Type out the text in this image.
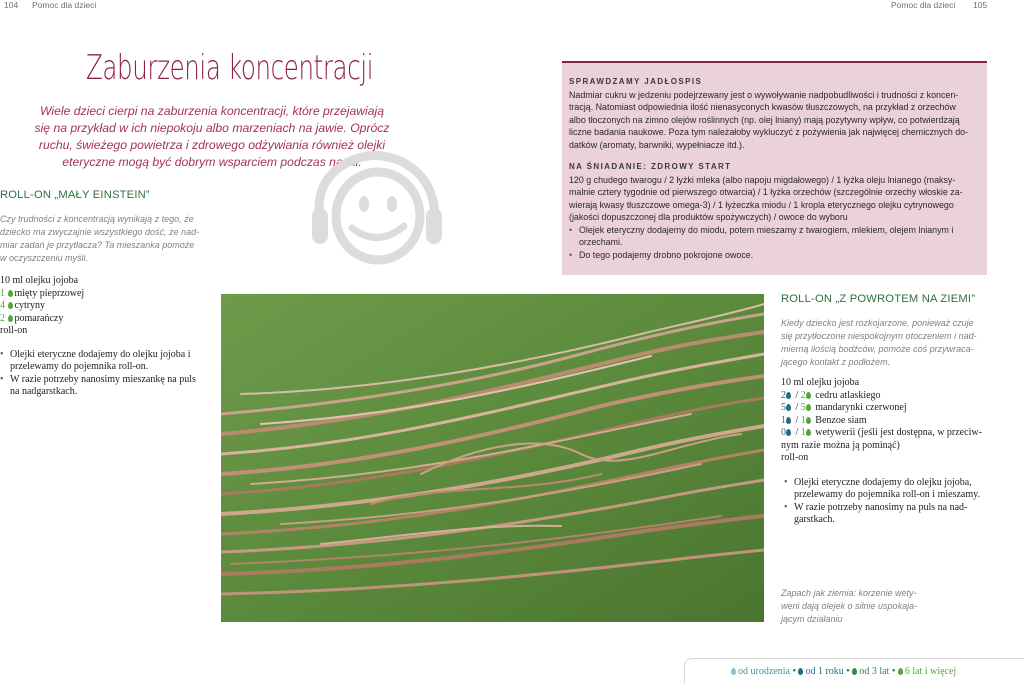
104 Pomoc dla dzieci	Pomoc dla dzieci 105
Zaburzenia koncentracji
Wiele dzieci cierpi na zaburzenia koncentracji, które przejawiają się na przykład w ich niepokoju albo marzeniach na jawie. Oprócz ruchu, świeżego powietrza i zdrowego odżywiania również olejki eteryczne mogą być dobrym wsparciem podczas nauki.
ROLL-ON „MAŁY EINSTEIN”
Czy trudności z koncentracją wynikają z tego, że
dziecko ma zwyczajnie wszystkiego dość, że nad-
miar zadań je przytłacza? Ta mieszanka pomoże
w oczyszczeniu myśli.
10 ml olejku jojoba
1 mięty pieprzowej
4 cytryny
2 pomarańczy
roll-on
• Olejki eteryczne dodajemy do olejku jojoba i przelewamy do pojemnika roll-on.
• W razie potrzeby nanosimy mieszankę na puls na nadgarstkach.
SPRAWDZAMY JADŁOSPIS
Nadmiar cukru w jedzeniu podejrzewany jest o wywoływanie nadpobudliwości i trudności z koncen-
tracją. Natomiast odpowiednia ilość nienasyconych kwasów tłuszczowych, na przykład z orzechów
albo tłoczonych na zimno olejów roślinnych (np. olej lniany) mają pozytywny wpływ, co potwierdzają
liczne badania naukowe. Poza tym należałoby wykluczyć z pożywienia jak najwięcej chemicznych do-
datków (aromaty, barwniki, wypełniacze itd.).
NA ŚNIADANIE: ZDROWY START
120 g chudego twarogu / 2 łyżki mleka (albo napoju migdałowego) / 1 łyżka oleju lnianego (maksy-
malnie cztery tygodnie od pierwszego otwarcia) / 1 łyżka orzechów (szczególnie orzechy włoskie za-
wierają kwasy tłuszczowe omega-3) / 1 łyżeczka miodu / 1 kropla eterycznego olejku cytrynowego
(jakości dopuszczonej dla produktów spożywczych) / owoce do wyboru
• Olejek eteryczny dodajemy do miodu, potem mieszamy z twarogiem, mlekiem, olejem lnianym i orzechami.
• Do tego podajemy drobno pokrojone owoce.
ROLL-ON „Z POWROTEM NA ZIEMI”
Kiedy dziecko jest rozkojarzone, ponieważ czuje
się przytłoczone niespokojnym otoczeniem i nad-
mierną ilością bodźców, pomoże coś przywraca-
jącego kontakt z podłożem.
10 ml olejku jojoba
2 / 2 cedru atlaskiego
5 / 5 mandarynki czerwonej
1 / 1 Benzoe siam
0 / 1 wetywerii (jeśli jest dostępna, w przeciw-
nym razie można ją pominąć)
roll-on
• Olejki eteryczne dodajemy do olejku jojoba, przelewamy do pojemnika roll-on i mieszamy.
• W razie potrzeby nanosimy na puls na nad-garstkach.
Zapach jak ziemia: korzenie wety-
werii dają olejek o silnie uspokaja-
jącym działaniu
od urodzenia • od 1 roku • od 3 lat • 6 lat i więcej
